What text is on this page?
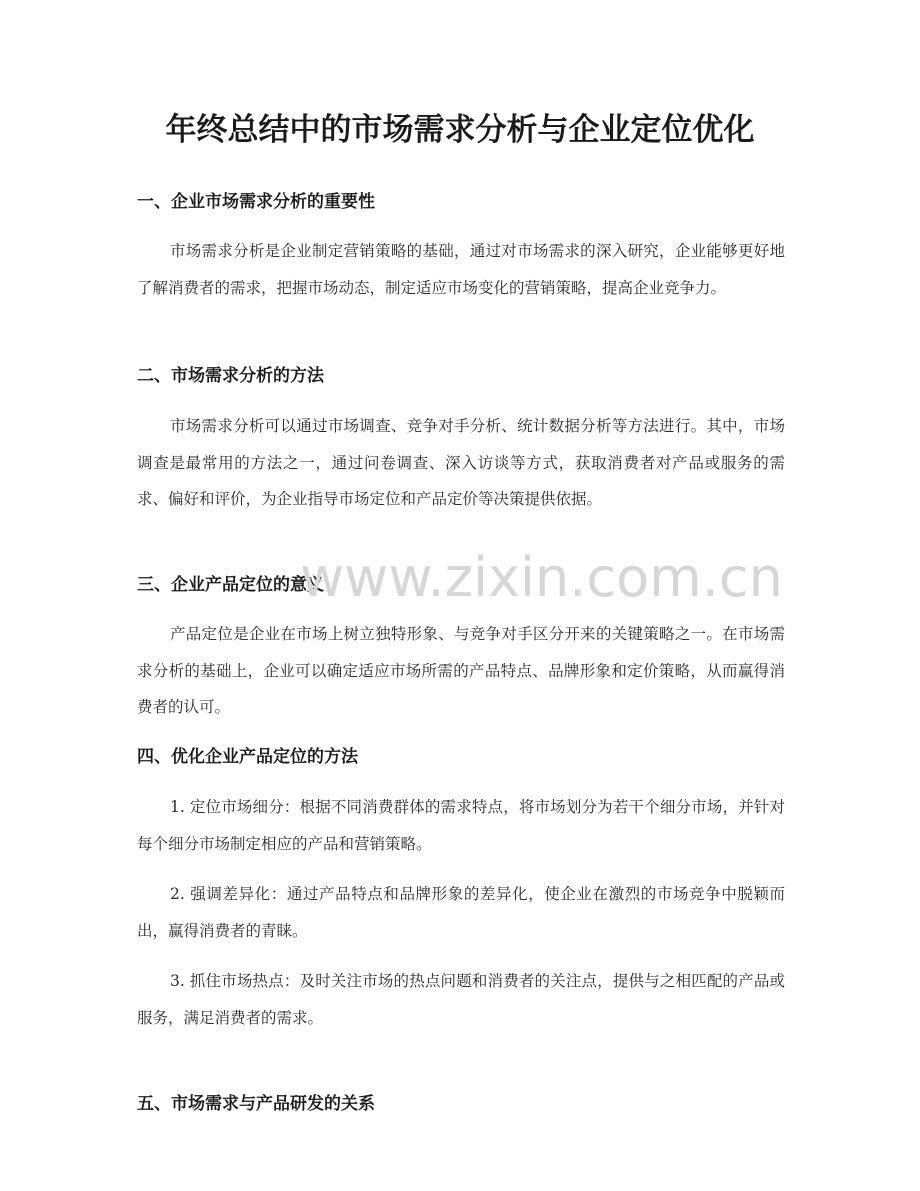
年终总结中的市场需求分析与企业定位优化
一、企业市场需求分析的重要性

市场需求分析是企业制定营销策略的基础，通过对市场需求的深入研究，企业能够更好地了解消费者的需求，把握市场动态，制定适应市场变化的营销策略，提高企业竞争力。

二、市场需求分析的方法

市场需求分析可以通过市场调查、竞争对手分析、统计数据分析等方法进行。其中，市场调查是最常用的方法之一，通过问卷调查、深入访谈等方式，获取消费者对产品或服务的需求、偏好和评价，为企业指导市场定位和产品定价等决策提供依据。

三、企业产品定位的意义

产品定位是企业在市场上树立独特形象、与竞争对手区分开来的关键策略之一。在市场需求分析的基础上，企业可以确定适应市场所需的产品特点、品牌形象和定价策略，从而赢得消费者的认可。

四、优化企业产品定位的方法

1. 定位市场细分：根据不同消费群体的需求特点，将市场划分为若干个细分市场，并针对每个细分市场制定相应的产品和营销策略。

2. 强调差异化：通过产品特点和品牌形象的差异化，使企业在激烈的市场竞争中脱颖而出，赢得消费者的青睐。

3. 抓住市场热点：及时关注市场的热点问题和消费者的关注点，提供与之相匹配的产品或服务，满足消费者的需求。

五、市场需求与产品研发的关系
www.zixin.com.cn
